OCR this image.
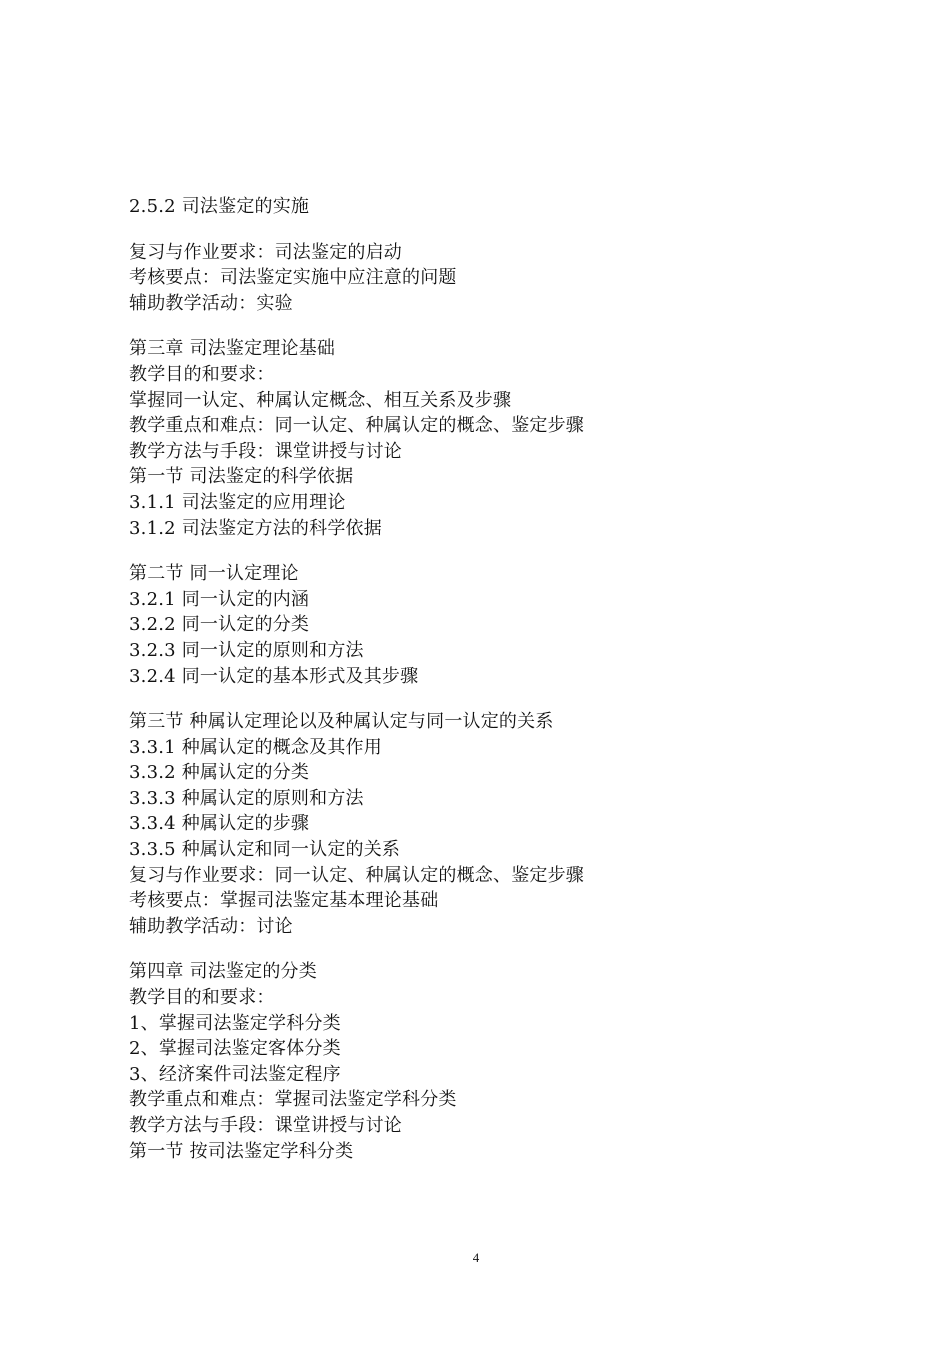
2.5.2 司法鉴定的实施
复习与作业要求：司法鉴定的启动
考核要点：司法鉴定实施中应注意的问题
辅助教学活动：实验
第三章 司法鉴定理论基础
教学目的和要求：
掌握同一认定、种属认定概念、相互关系及步骤
教学重点和难点：同一认定、种属认定的概念、鉴定步骤
教学方法与手段：课堂讲授与讨论
第一节 司法鉴定的科学依据
3.1.1 司法鉴定的应用理论
3.1.2 司法鉴定方法的科学依据
第二节 同一认定理论
3.2.1 同一认定的内涵
3.2.2 同一认定的分类
3.2.3 同一认定的原则和方法
3.2.4 同一认定的基本形式及其步骤
第三节 种属认定理论以及种属认定与同一认定的关系
3.3.1 种属认定的概念及其作用
3.3.2 种属认定的分类
3.3.3 种属认定的原则和方法
3.3.4 种属认定的步骤
3.3.5 种属认定和同一认定的关系
复习与作业要求：同一认定、种属认定的概念、鉴定步骤
考核要点：掌握司法鉴定基本理论基础
辅助教学活动：讨论
第四章 司法鉴定的分类
教学目的和要求：
1、掌握司法鉴定学科分类
2、掌握司法鉴定客体分类
3、经济案件司法鉴定程序
教学重点和难点：掌握司法鉴定学科分类
教学方法与手段：课堂讲授与讨论
第一节 按司法鉴定学科分类
4
